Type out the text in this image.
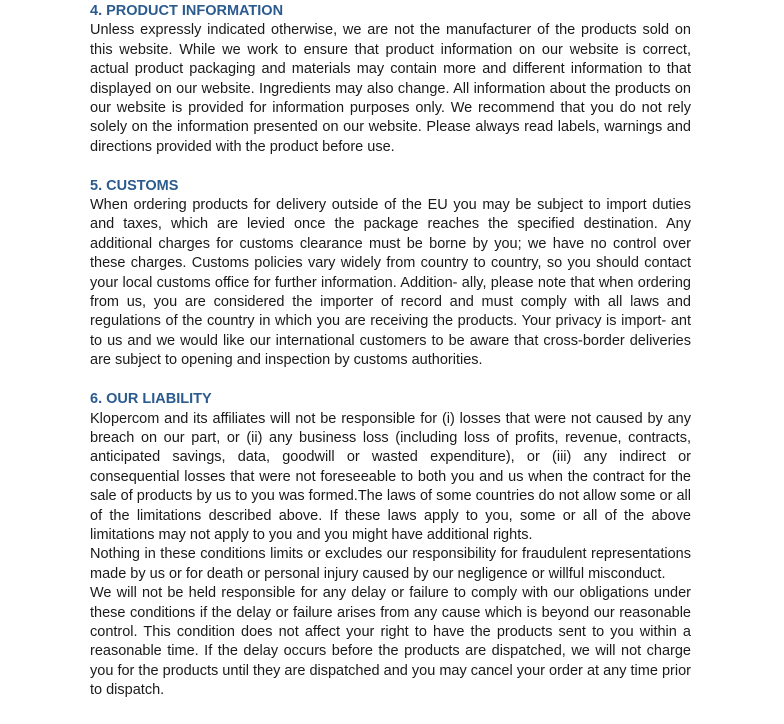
4. PRODUCT INFORMATION

Unless expressly indicated otherwise, we are not the manufacturer of the products sold on this website. While we work to ensure that product information on our website is correct, actual product packaging and materials may contain more and different information to that displayed on our website. Ingredients may also change. All information about the products on our website is provided for information purposes only. We recommend that you do not rely solely on the information presented on our website. Please always read labels, warnings and directions provided with the product before use.

5. CUSTOMS

When ordering products for delivery outside of the EU you may be subject to import duties and taxes, which are levied once the package reaches the specified destination. Any additional charges for customs clearance must be borne by you; we have no control over these charges. Customs policies vary widely from country to country, so you should contact your local customs office for further information. Addition- ally, please note that when ordering from us, you are considered the importer of record and must comply with all laws and regulations of the country in which you are receiving the products. Your privacy is import- ant to us and we would like our international customers to be aware that cross-border deliveries are subject to opening and inspection by customs authorities.

6. OUR LIABILITY

Klopercom and its affiliates will not be responsible for (i) losses that were not caused by any breach on our part, or (ii) any business loss (including loss of profits, revenue, contracts, anticipated savings, data, goodwill or wasted expenditure), or (iii) any indirect or consequential losses that were not foreseeable to both you and us when the contract for the sale of products by us to you was formed.The laws of some countries do not allow some or all of the limitations described above. If these laws apply to you, some or all of the above limitations may not apply to you and you might have additional rights.

Nothing in these conditions limits or excludes our responsibility for fraudulent representations made by us or for death or personal injury caused by our negligence or willful misconduct.

We will not be held responsible for any delay or failure to comply with our obligations under these conditions if the delay or failure arises from any cause which is beyond our reasonable control. This condition does not affect your right to have the products sent to you within a reasonable time. If the delay occurs before the products are dispatched, we will not charge you for the products until they are dispatched and you may cancel your order at any time prior to dispatch.
